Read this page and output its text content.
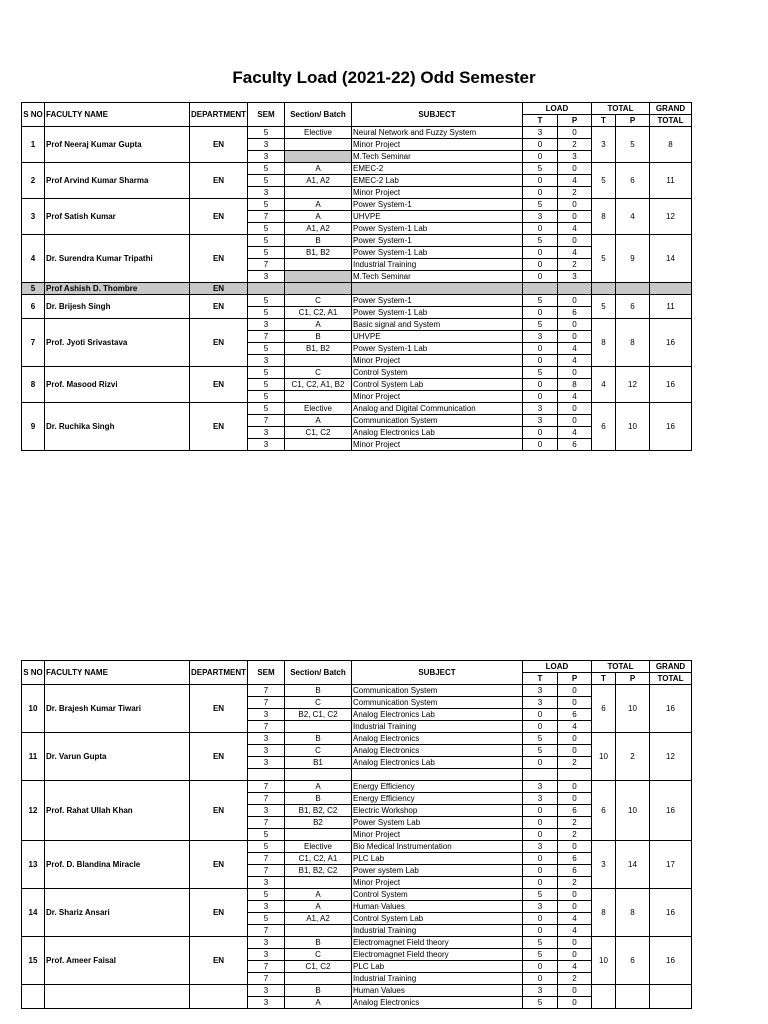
Faculty Load (2021-22) Odd Semester
S NO	FACULTY NAME	DEPARTMENT	SEM	Section/ Batch	SUBJECT	LOAD		TOTAL		GRAND
						T	P	T	P	TOTAL
1	Prof Neeraj Kumar Gupta	EN	5	Elective	Neural Network and Fuzzy System	3	0	3	5	8
			3		Minor Project	0	2			
			3		M.Tech Seminar	0	3			
2	Prof Arvind Kumar Sharma	EN	5	A	EMEC-2	5	0	5	6	11
			5	A1, A2	EMEC-2 Lab	0	4			
			3		Minor Project	0	2			
3	Prof Satish Kumar	EN	5	A	Power System-1	5	0	8	4	12
			7	A	UHVPE	3	0			
			5	A1, A2	Power System-1 Lab	0	4			
4	Dr. Surendra Kumar Tripathi	EN	5	B	Power System-1	5	0	5	9	14
			5	B1, B2	Power System-1 Lab	0	4			
			7		Industrial Training	0	2			
			3		M.Tech Seminar	0	3			
5	Prof Ashish D. Thombre	EN								
6	Dr. Brijesh Singh	EN	5	C	Power System-1	5	0	5	6	11
			5	C1, C2, A1	Power System-1 Lab	0	6			
7	Prof. Jyoti Srivastava	EN	3	A	Basic signal and System	5	0	8	8	16
			7	B	UHVPE	3	0			
			5	B1, B2	Power System-1 Lab	0	4			
			3		Minor Project	0	4			
8	Prof. Masood Rizvi	EN	5	C	Control System	5	0	4	12	16
			5	C1, C2, A1, B2	Control System Lab	0	8			
			5		Minor Project	0	4			
9	Dr. Ruchika Singh	EN	5	Elective	Analog and Digital Communication	3	0	6	10	16
			7	A	Communication System	3	0			
			3	C1, C2	Analog Electronics Lab	0	4			
			3		Minor Project	0	6			
S NO	FACULTY NAME	DEPARTMENT	SEM	Section/ Batch	SUBJECT	LOAD		TOTAL		GRAND
						T	P	T	P	TOTAL
10	Dr. Brajesh Kumar Tiwari	EN	7	B	Communication System	3	0	6	10	16
			7	C	Communication System	3	0			
			3	B2, C1, C2	Analog Electronics Lab	0	6			
			7		Industrial Training	0	4			
11	Dr. Varun Gupta	EN	3	B	Analog Electronics	5	0	10	2	12
			3	C	Analog Electronics	5	0			
			3	B1	Analog Electronics Lab	0	2			

12	Prof. Rahat Ullah Khan	EN	7	A	Energy Efficiency	3	0	6	10	16
			7	B	Energy Efficiency	3	0			
			3	B1, B2, C2	Electric Workshop	0	6			
			7	B2	Power System Lab	0	2			
			5		Minor Project	0	2			
13	Prof. D. Blandina Miracle	EN	5	Elective	Bio Medical Instrumentation	3	0	3	14	17
			7	C1, C2, A1	PLC Lab	0	6			
			7	B1, B2, C2	Power system Lab	0	6			
			3		Minor Project	0	2			
14	Dr. Shariz Ansari	EN	5	A	Control System	5	0	8	8	16
			3	A	Human Values	3	0			
			5	A1, A2	Control System Lab	0	4			
			7		Industrial Training	0	4			
15	Prof. Ameer Faisal	EN	3	B	Electromagnet Field theory	5	0	10	6	16
			3	C	Electromagnet Field theory	5	0			
			7	C1, C2	PLC Lab	0	4			
			7		Industrial Training	0	2			
			3	B	Human Values	3	0			
			3	A	Analog Electronics	5	0			
